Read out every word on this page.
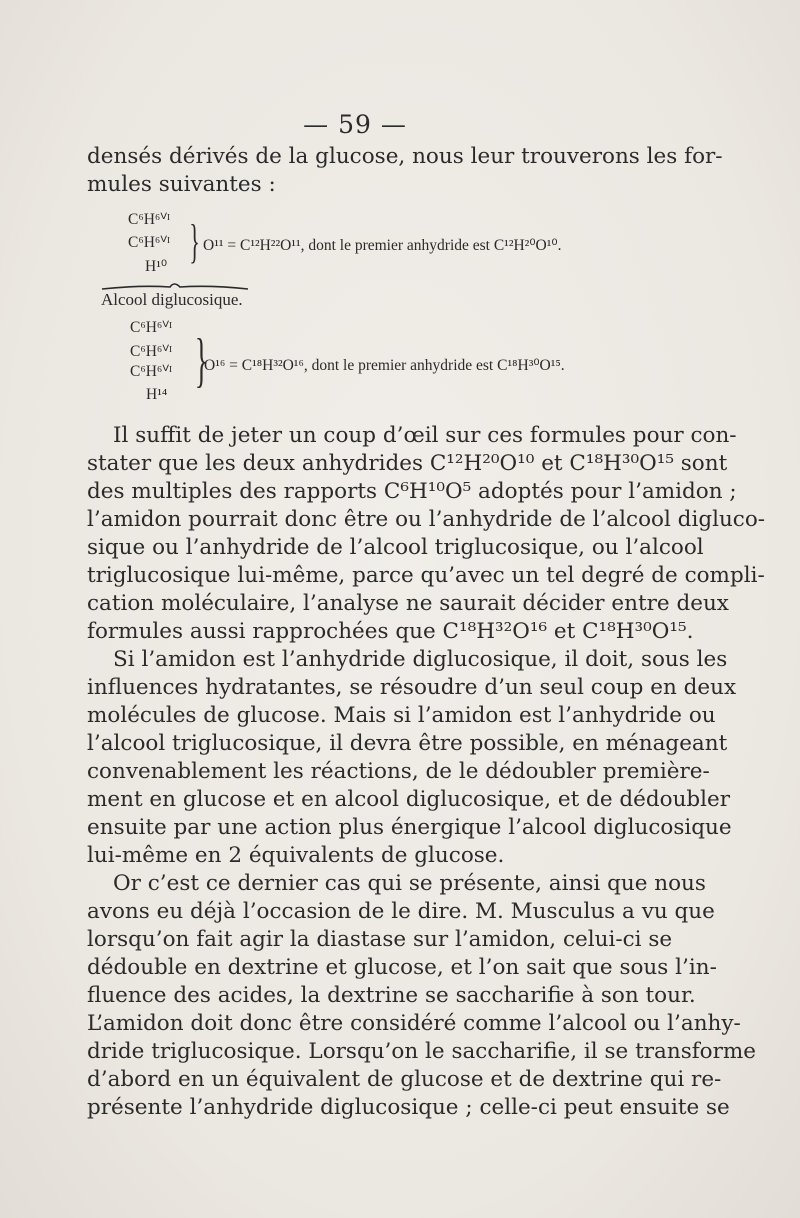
— 59 —
densés dérivés de la glucose, nous leur trouverons les for-
mules suivantes :
C⁶H⁶ⱽᴵ
C⁶H⁶ⱽᴵ
H¹⁰ } O¹¹ = C¹²H²²O¹¹, dont le premier anhydride est C¹²H²⁰O¹⁰.
Alcool diglucosique.
C⁶H⁶ⱽᴵ
C⁶H⁶ⱽᴵ
C⁶H⁶ⱽᴵ
H¹⁴
}
O¹⁶ = C¹⁸H³²O¹⁶, dont le premier anhydride est C¹⁸H³⁰O¹⁵.
Il suffit de jeter un coup d’œil sur ces formules pour con-
stater que les deux anhydrides C¹²H²⁰O¹⁰ et C¹⁸H³⁰O¹⁵ sont
des multiples des rapports C⁶H¹⁰O⁵ adoptés pour l’amidon ;
l’amidon pourrait donc être ou l’anhydride de l’alcool digluco-
sique ou l’anhydride de l’alcool triglucosique, ou l’alcool
triglucosique lui-même, parce qu’avec un tel degré de compli-
cation moléculaire, l’analyse ne saurait décider entre deux
formules aussi rapprochées que C¹⁸H³²O¹⁶ et C¹⁸H³⁰O¹⁵.
Si l’amidon est l’anhydride diglucosique, il doit, sous les
influences hydratantes, se résoudre d’un seul coup en deux
molécules de glucose. Mais si l’amidon est l’anhydride ou
l’alcool triglucosique, il devra être possible, en ménageant
convenablement les réactions, de le dédoubler première-
ment en glucose et en alcool diglucosique, et de dédoubler
ensuite par une action plus énergique l’alcool diglucosique
lui-même en 2 équivalents de glucose.
Or c’est ce dernier cas qui se présente, ainsi que nous
avons eu déjà l’occasion de le dire. M. Musculus a vu que
lorsqu’on fait agir la diastase sur l’amidon, celui-ci se
dédouble en dextrine et glucose, et l’on sait que sous l’in-
fluence des acides, la dextrine se saccharifie à son tour.
L’amidon doit donc être considéré comme l’alcool ou l’anhy-
dride triglucosique. Lorsqu’on le saccharifie, il se transforme
d’abord en un équivalent de glucose et de dextrine qui re-
présente l’anhydride diglucosique ; celle-ci peut ensuite se
